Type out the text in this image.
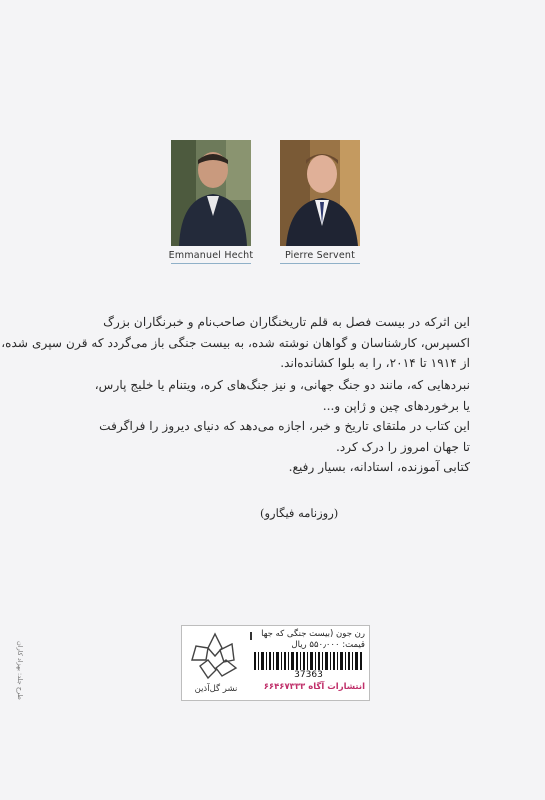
Emmanuel Hecht	Pierre Servent
این اثرکه در بیست فصل به قلم تاریخنگاران صاحب‌نام و خبرنگاران بزرگ
اکسپرس، کارشناسان و گواهان نوشته شده، به بیست جنگی باز می‌گردد که قرن سپری شده،
از ۱۹۱۴ تا ۲۰۱۴، را به بلوا کشانده‌اند.
نبردهایی که، مانند دو جنگ جهانی، و نیز جنگ‌های کره، ویتنام یا خلیج پارس،
یا برخوردهای چین و ژاپن و...
این کتاب در ملتقای تاریخ و خبر، اجازه می‌دهد که دنیای دیروز را فراگرفت
تا جهان امروز را درک کرد.
کتابی آموزنده، استادانه، بسیار رفیع.
(روزنامه فیگارو)
نشر گل‌آذین
رن جون (بیست جنگی که جها
قیمت: ۵۵۰٫۰۰۰ ریال
37363
انتشارات آگاه ۶۶۴۶۷۳۳۳
طرح جلد: بهزاد کاران
